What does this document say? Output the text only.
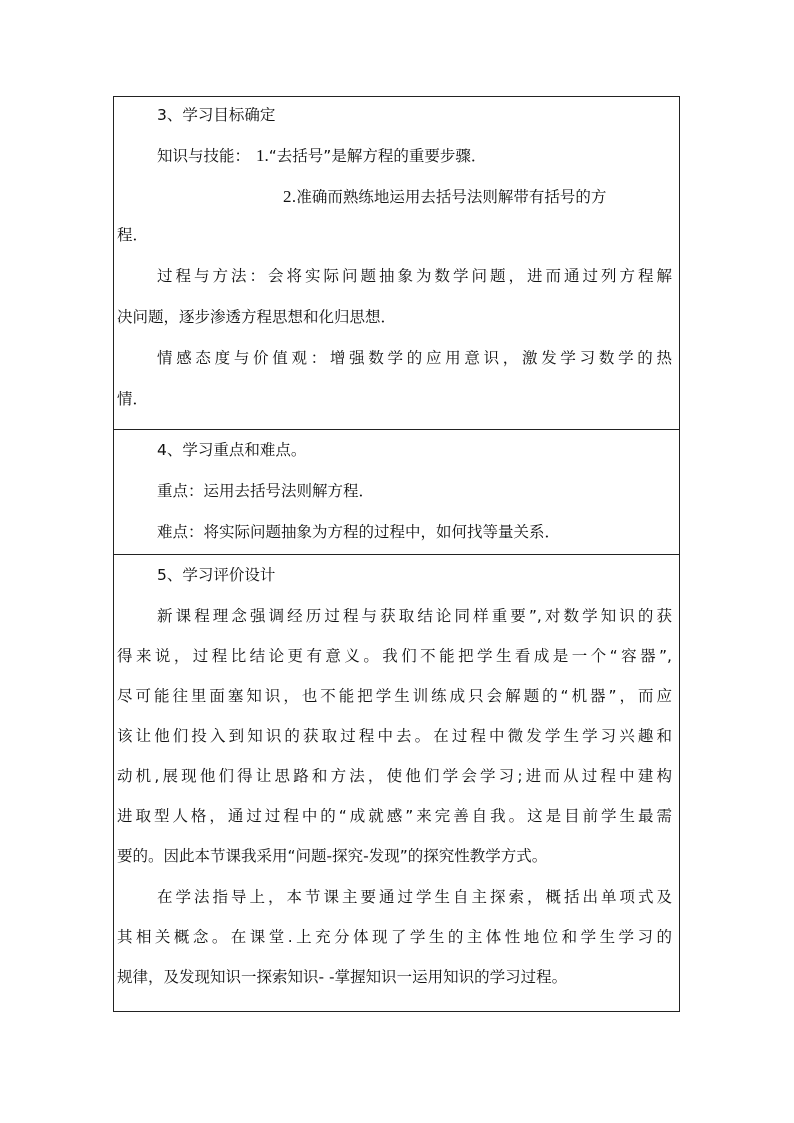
3、学习目标确定
知识与技能： 1.“去括号”是解方程的重要步骤．
2.准确而熟练地运用去括号法则解带有括号的方
程．
过程与方法：会将实际问题抽象为数学问题，进而通过列方程解
决问题，逐步渗透方程思想和化归思想．
情感态度与价值观：增强数学的应用意识，激发学习数学的热
情．

4、学习重点和难点。
重点：运用去括号法则解方程．
难点：将实际问题抽象为方程的过程中，如何找等量关系．

5、学习评价设计
新课程理念强调经历过程与获取结论同样重要”,对数学知识的获
得来说，过程比结论更有意义。我们不能把学生看成是一个“容器”,
尽可能往里面塞知识，也不能把学生训练成只会解题的“机器”，而应
该让他们投入到知识的获取过程中去。在过程中微发学生学习兴趣和
动机,展现他们得让思路和方法，使他们学会学习;进而从过程中建构
进取型人格，通过过程中的“成就感”来完善自我。这是目前学生最需
要的。因此本节课我采用“问题-探究-发现”的探究性教学方式。
在学法指导上，本节课主要通过学生自主探索，概括出单项式及
其相关概念。在课堂.上充分体现了学生的主体性地位和学生学习的
规律，及发现知识一探索知识- -掌握知识一运用知识的学习过程。
